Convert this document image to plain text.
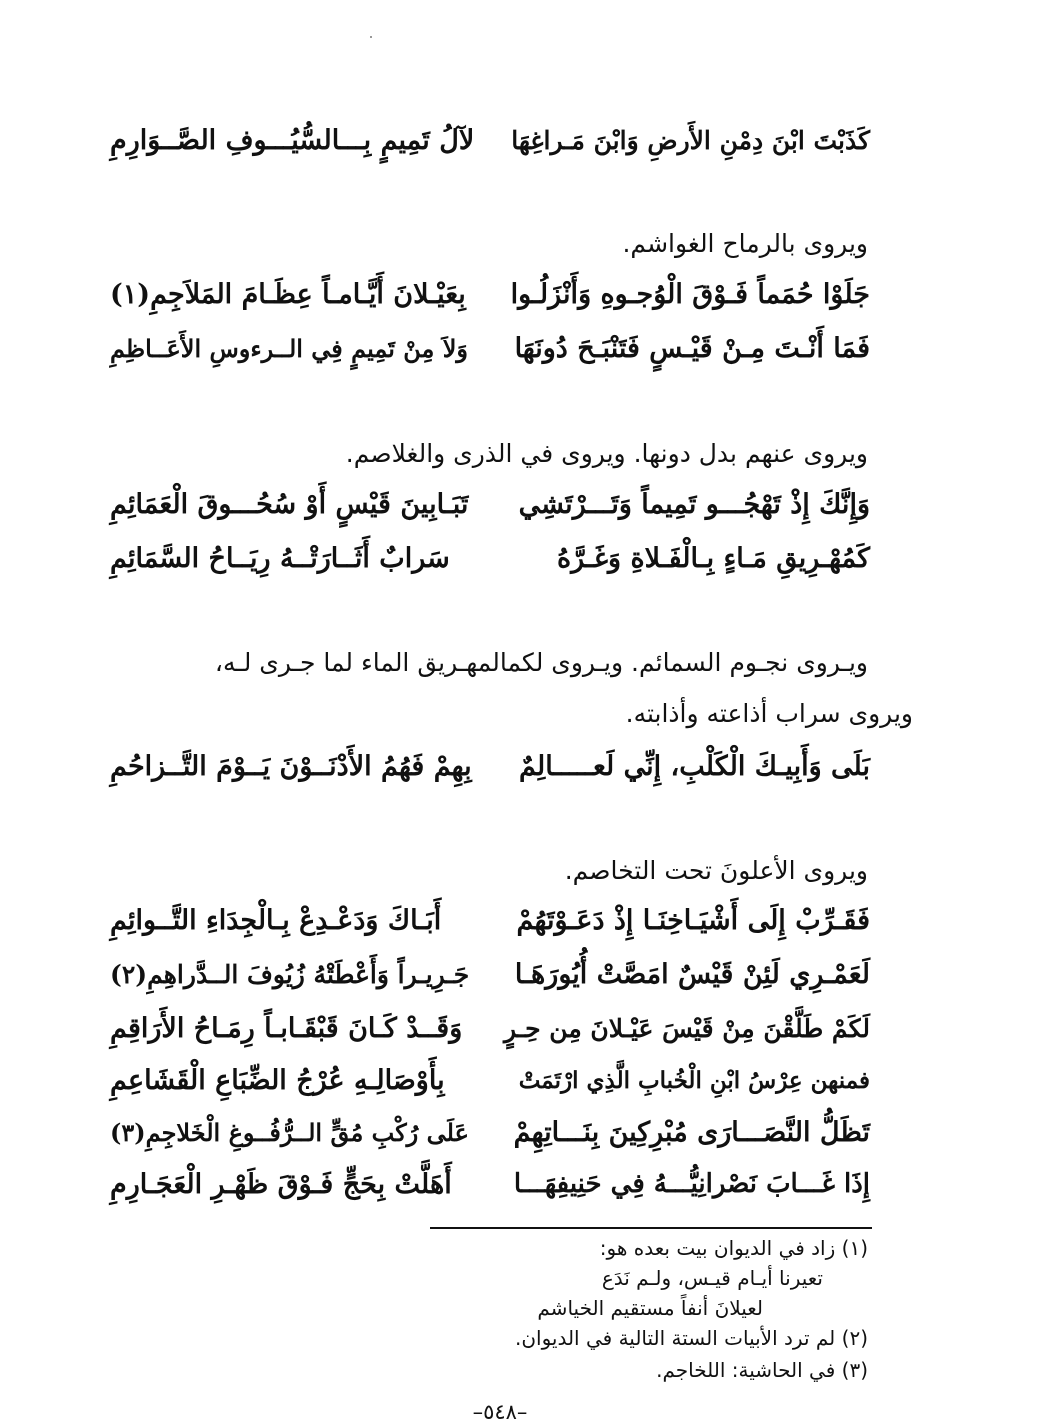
كَذَبْتَ ابْنَ دِمْنِ الأَرضِ وَابْنَ مَـراغِهَا
لآلُ تَمِيمٍ بِـــالسُّيُـــوفِ الصَّــوَارِمِ
ويروى بالرماح الغواشم.
جَلَوْا حُمَماً فَـوْقَ الْوُجـوهِ وَأَنْزَلُـوا
بِعَيْـلانَ أَيَّـامـاً عِظَـامَ المَلاَجِمِ(١)
فَمَا أَنْـتَ مِـنْ قَيْـسٍ فَتَنْبَـحَ دُونَهَا
وَلاَ مِنْ تَمِيمٍ فِي الــرءوسِ الأَعَــاظِمِ
ويروى عنهم بدل دونها. ويروى في الذرى والغلاصم.
وَإِنَّكَ إِذْ تَهْجُـــو تَمِيماً وَتَـــرْتَشِي
تَبَـابِينَ قَيْسٍ أَوْ سُحُـــوقَ الْعَمَائِمِ
كَمُهْـرِيقِ مَـاءٍ بِـالْفَـلاةِ وَغَـرَّهُ
سَرابٌ أَثَــارَتْــهُ رِيَــاحُ السَّمَائِمِ
ويـروى نجـوم السمائم. ويـروى لكمالمهـريق الماء لما جـرى لـه،
ويروى سراب أذاعته وأذابته.
بَلَى وَأَبِيـكَ الْكَلْبِ، إِنِّي لَعـــــالِمٌ
بِهِمْ فَهُمُ الأَدْنَــوْنَ يَــوْمَ التَّــزاحُمِ
ويروى الأعلونَ تحت التخاصم.
فَقَـرِّبْ إِلَى أَشْيَـاخِنَـا إِذْ دَعَـوْتَهُمْ
أَبَـاكَ وَدَعْـدِعْ بِـالْجِدَاءِ التَّــوائِمِ
لَعَمْـرِي لَئِنْ قَيْسٌ امَصَّتْ أُيُورَهَـا
جَـرِيـراً وَأَعْطَتْهُ زُيُوفَ الــدَّراهِمِ(٢)
لَكَمْ طَلَّقْنَ مِنْ قَيْسَ عَيْـلانَ مِن حِـرٍ
وَقَــدْ كَـانَ قَبْقَـابـاً رِمَـاحُ الأَرَاقِمِ
فمنهن عِرْسُ ابْنِ الْخُبابِ الَّذِي ارْتَمَتْ
بِأَوْصَالِـهِ عُرْجُ الضِّبَاعِ الْقَشَاعِمِ
تَظَلُّ النَّصَـــارَى مُبْرِكِينَ بِنَـــاتِهِمْ
عَلَى رُكْبِ مُقٍّ الــرُّفُــوغِ الْخَلاجِمِ(٣)
إِذَا غَـــابَ نَصْرانِيُّـــهُ فِي حَنِيفِهَـــا
أَهَلَّتْ بِحَجٍّ فَـوْقَ ظَهْـرِ الْعَجَـارِمِ
(١) زاد في الديوان بيت بعده هو:
تعيرنا أيـام قيـس، ولـم نَدَع
لعيلانَ أنفاً مستقيم الخياشم
(٢) لم ترد الأبيات الستة التالية في الديوان.
(٣) في الحاشية: اللخاجم.
–٥٤٨–
